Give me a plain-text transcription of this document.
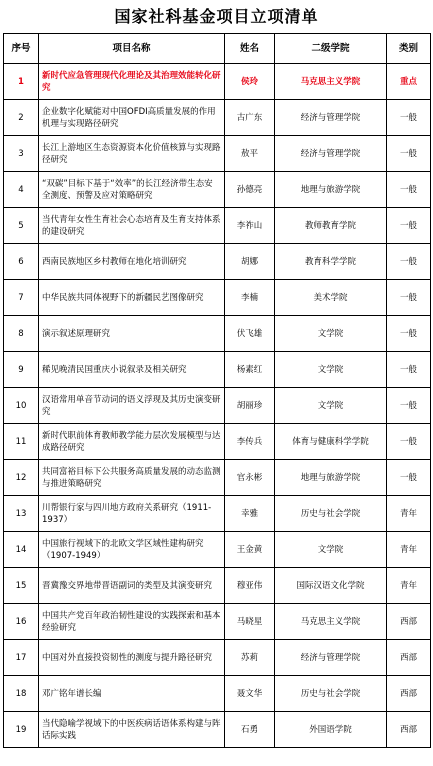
国家社科基金项目立项清单
序号	项目名称	姓名	二级学院	类别
1	新时代应急管理现代化理论及其治理效能转化研究	侯玲	马克思主义学院	重点
2	企业数字化赋能对中国OFDI高质量发展的作用机理与实现路径研究	古广东	经济与管理学院	一般
3	长江上游地区生态资源资本化价值核算与实现路径研究	敖平	经济与管理学院	一般
4	“双碳”目标下基于“效率”的长江经济带生态安全测度、预警及应对策略研究	孙德亮	地理与旅游学院	一般
5	当代青年女性生育社会心态培育及生育支持体系的建设研究	李祚山	教师教育学院	一般
6	西南民族地区乡村教师在地化培训研究	胡娜	教育科学学院	一般
7	中华民族共同体视野下的新疆民艺图像研究	李楠	美术学院	一般
8	演示叙述原理研究	伏飞雄	文学院	一般
9	稀见晚清民国重庆小说叙录及相关研究	杨素红	文学院	一般
10	汉语常用单音节动词的语义浮现及其历史演变研究	胡丽珍	文学院	一般
11	新时代职前体育教师教学能力层次发展模型与达成路径研究	李传兵	体育与健康科学学院	一般
12	共同富裕目标下公共服务高质量发展的动态监测与推进策略研究	官永彬	地理与旅游学院	一般
13	川帮银行家与四川地方政府关系研究（1911-1937）	幸雅	历史与社会学院	青年
14	中国旅行视域下的北欧文学区域性建构研究（1907-1949）	王金黄	文学院	青年
15	晋冀豫交界地带晋语副词的类型及其演变研究	穆亚伟	国际汉语文化学院	青年
16	中国共产党百年政治韧性建设的实践探索和基本经验研究	马晓星	马克思主义学院	西部
17	中国对外直接投资韧性的测度与提升路径研究	苏莉	经济与管理学院	西部
18	邓广铭年谱长编	聂文华	历史与社会学院	西部
19	当代隐喻学视域下的中医疾病话语体系构建与阵话际实践	石勇	外国语学院	西部
